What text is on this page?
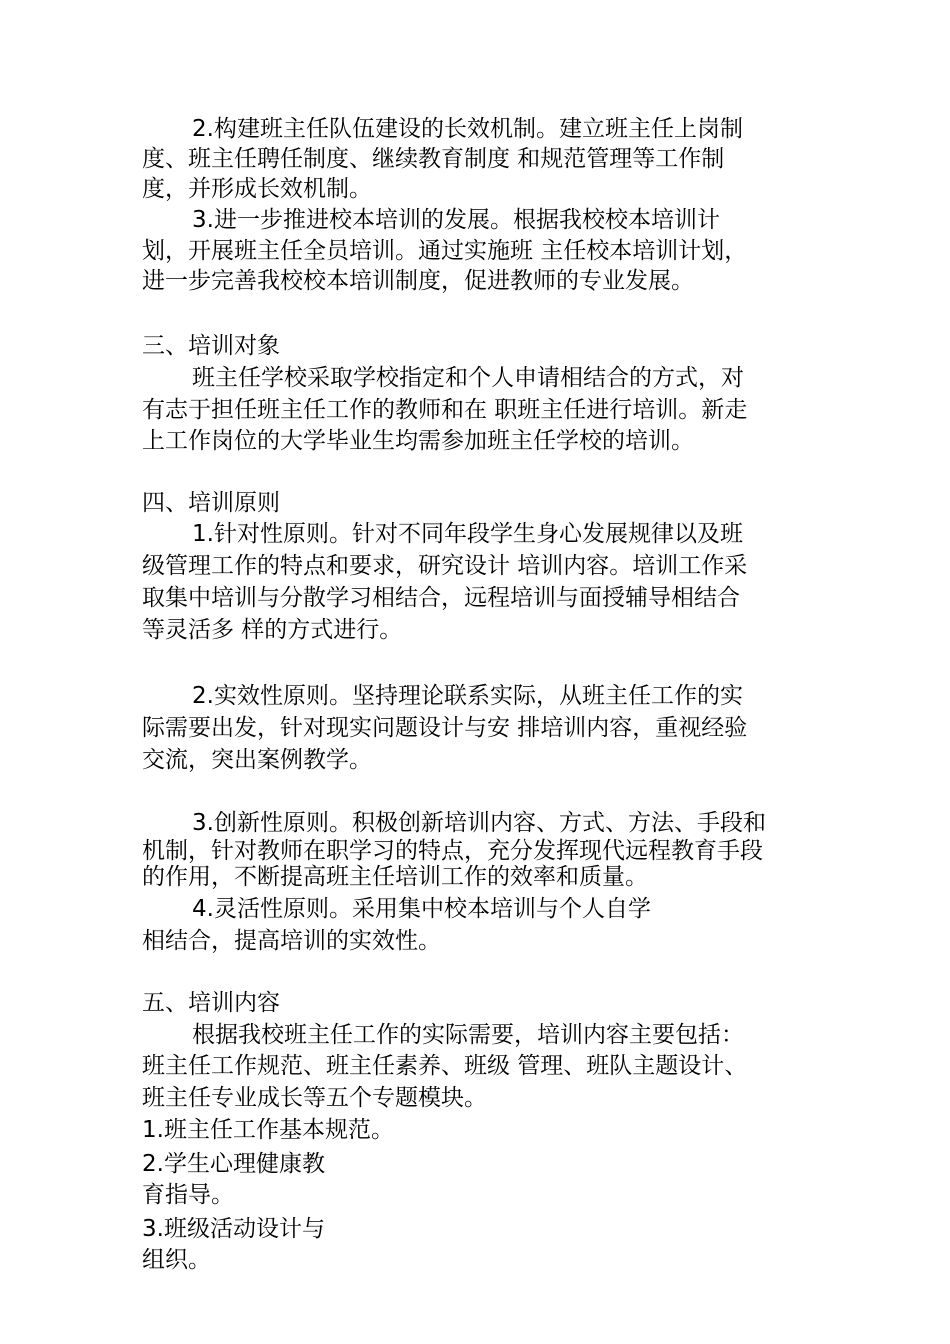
2.构建班主任队伍建设的长效机制。建立班主任上岗制
度、班主任聘任制度、继续教育制度 和规范管理等工作制
度，并形成长效机制。
3.进一步推进校本培训的发展。根据我校校本培训计
划，开展班主任全员培训。通过实施班 主任校本培训计划，
进一步完善我校校本培训制度，促进教师的专业发展。
三、培训对象
班主任学校采取学校指定和个人申请相结合的方式，对
有志于担任班主任工作的教师和在 职班主任进行培训。新走
上工作岗位的大学毕业生均需参加班主任学校的培训。
四、培训原则
1.针对性原则。针对不同年段学生身心发展规律以及班
级管理工作的特点和要求，研究设计 培训内容。培训工作采
取集中培训与分散学习相结合，远程培训与面授辅导相结合
等灵活多 样的方式进行。
2.实效性原则。坚持理论联系实际，从班主任工作的实
际需要出发，针对现实问题设计与安 排培训内容，重视经验
交流，突出案例教学。
3.创新性原则。积极创新培训内容、方式、方法、手段和
机制，针对教师在职学习的特点，充分发挥现代远程教育手段
的作用，不断提高班主任培训工作的效率和质量。
4.灵活性原则。采用集中校本培训与个人自学
相结合，提高培训的实效性。
五、培训内容
根据我校班主任工作的实际需要，培训内容主要包括：
班主任工作规范、班主任素养、班级 管理、班队主题设计、
班主任专业成长等五个专题模块。
1.班主任工作基本规范。
2.学生心理健康教
育指导。
3.班级活动设计与
组织。
